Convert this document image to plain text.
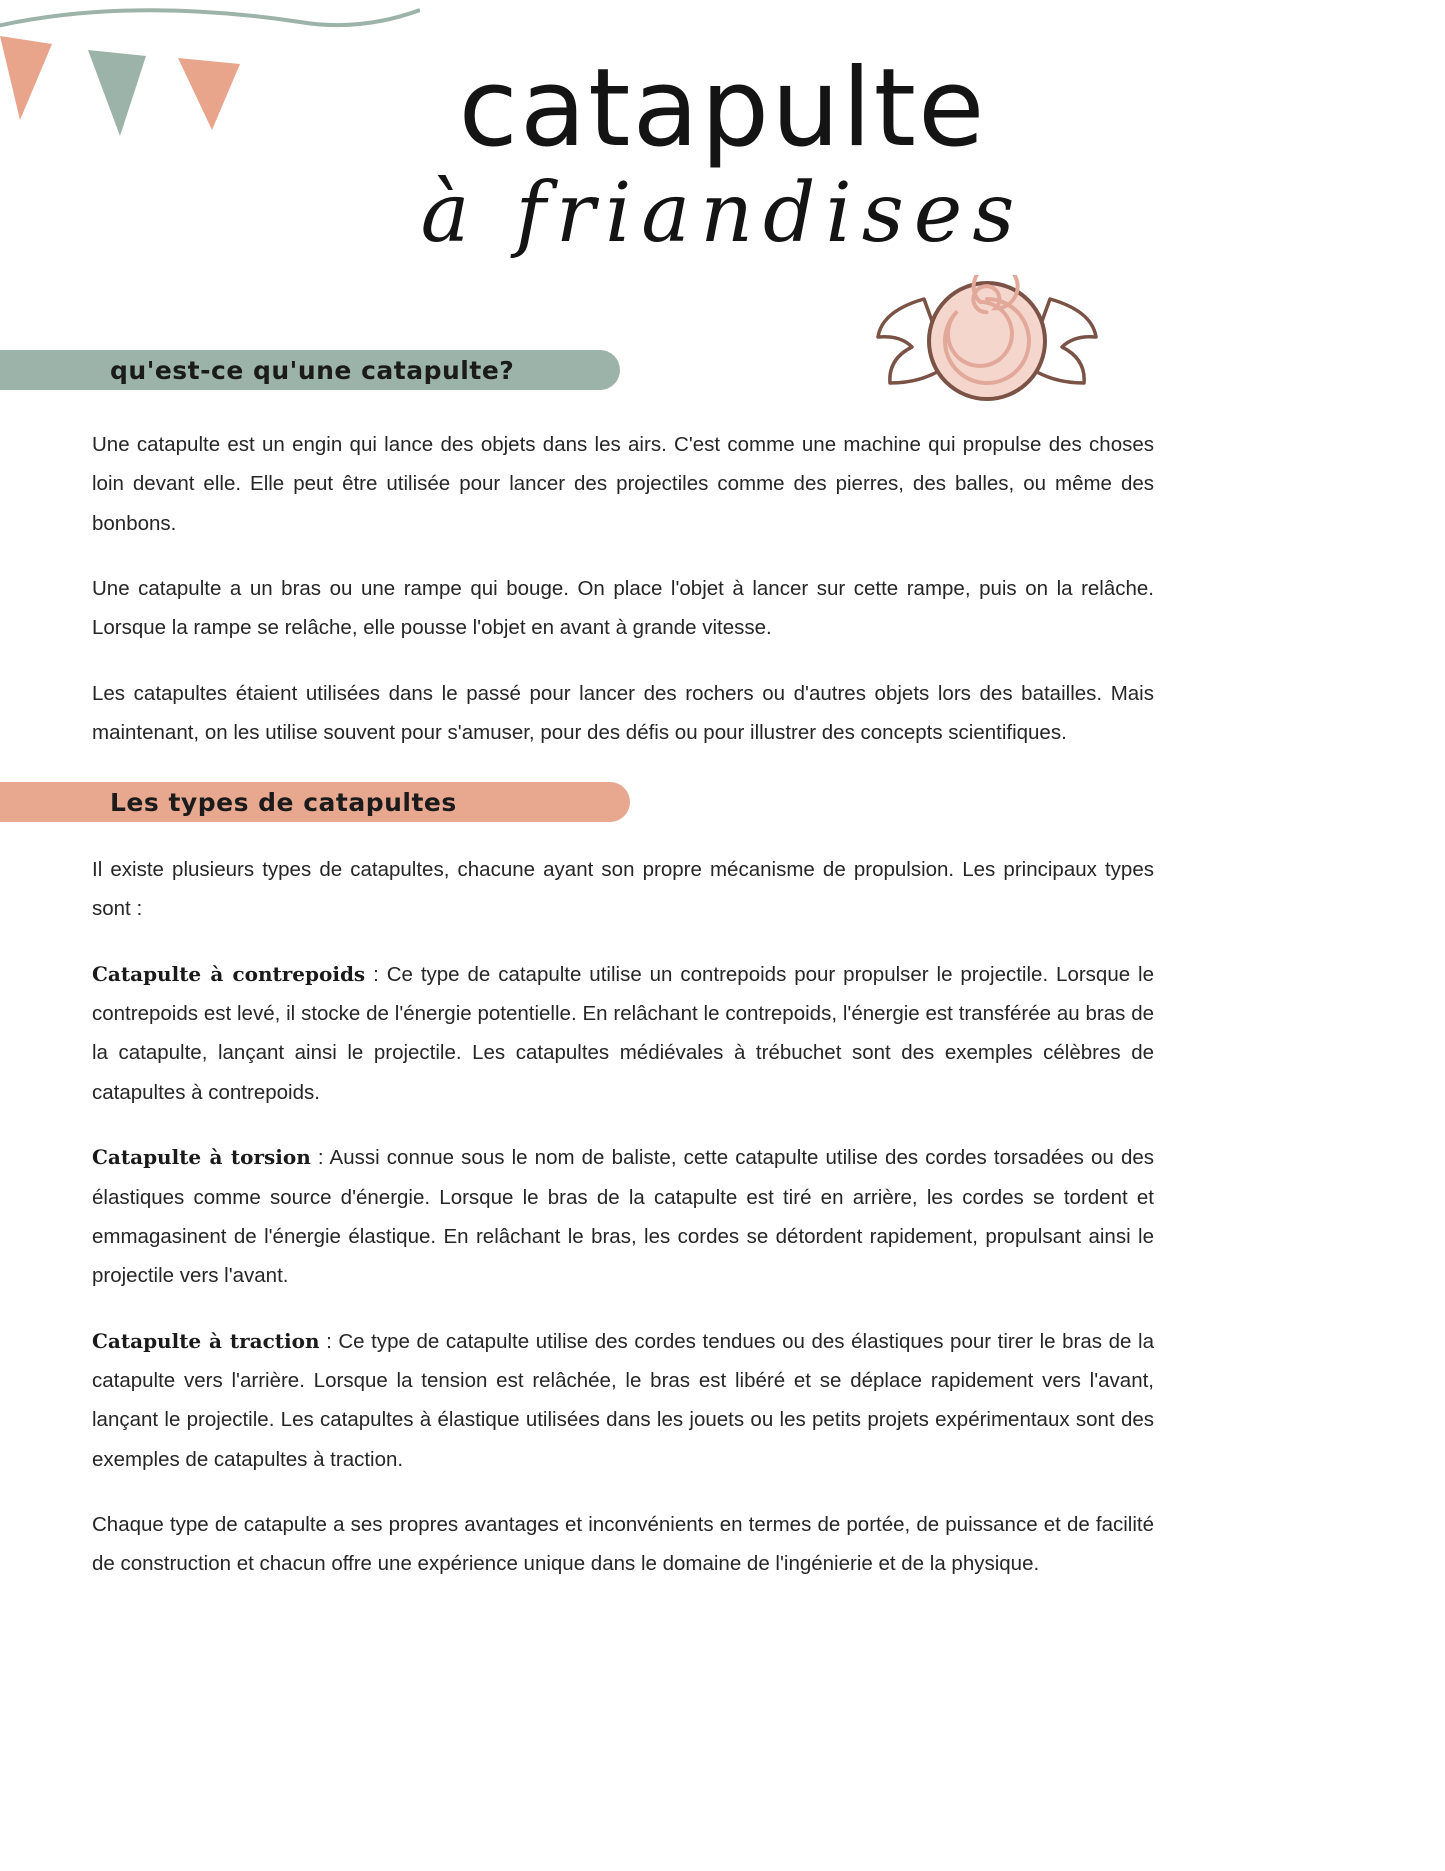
catapulte
à friandises
qu'est-ce qu'une catapulte?

Une catapulte est un engin qui lance des objets dans les airs. C'est comme une machine qui propulse des choses loin devant elle. Elle peut être utilisée pour lancer des projectiles comme des pierres, des balles, ou même des bonbons.

Une catapulte a un bras ou une rampe qui bouge. On place l'objet à lancer sur cette rampe, puis on la relâche. Lorsque la rampe se relâche, elle pousse l'objet en avant à grande vitesse.

Les catapultes étaient utilisées dans le passé pour lancer des rochers ou d'autres objets lors des batailles. Mais maintenant, on les utilise souvent pour s'amuser, pour des défis ou pour illustrer des concepts scientifiques.

Les types de catapultes

Il existe plusieurs types de catapultes, chacune ayant son propre mécanisme de propulsion. Les principaux types sont :

Catapulte à contrepoids : Ce type de catapulte utilise un contrepoids pour propulser le projectile. Lorsque le contrepoids est levé, il stocke de l'énergie potentielle. En relâchant le contrepoids, l'énergie est transférée au bras de la catapulte, lançant ainsi le projectile. Les catapultes médiévales à trébuchet sont des exemples célèbres de catapultes à contrepoids.

Catapulte à torsion : Aussi connue sous le nom de baliste, cette catapulte utilise des cordes torsadées ou des élastiques comme source d'énergie. Lorsque le bras de la catapulte est tiré en arrière, les cordes se tordent et emmagasinent de l'énergie élastique. En relâchant le bras, les cordes se détordent rapidement, propulsant ainsi le projectile vers l'avant.

Catapulte à traction : Ce type de catapulte utilise des cordes tendues ou des élastiques pour tirer le bras de la catapulte vers l'arrière. Lorsque la tension est relâchée, le bras est libéré et se déplace rapidement vers l'avant, lançant le projectile. Les catapultes à élastique utilisées dans les jouets ou les petits projets expérimentaux sont des exemples de catapultes à traction.

Chaque type de catapulte a ses propres avantages et inconvénients en termes de portée, de puissance et de facilité de construction et chacun offre une expérience unique dans le domaine de l'ingénierie et de la physique.
